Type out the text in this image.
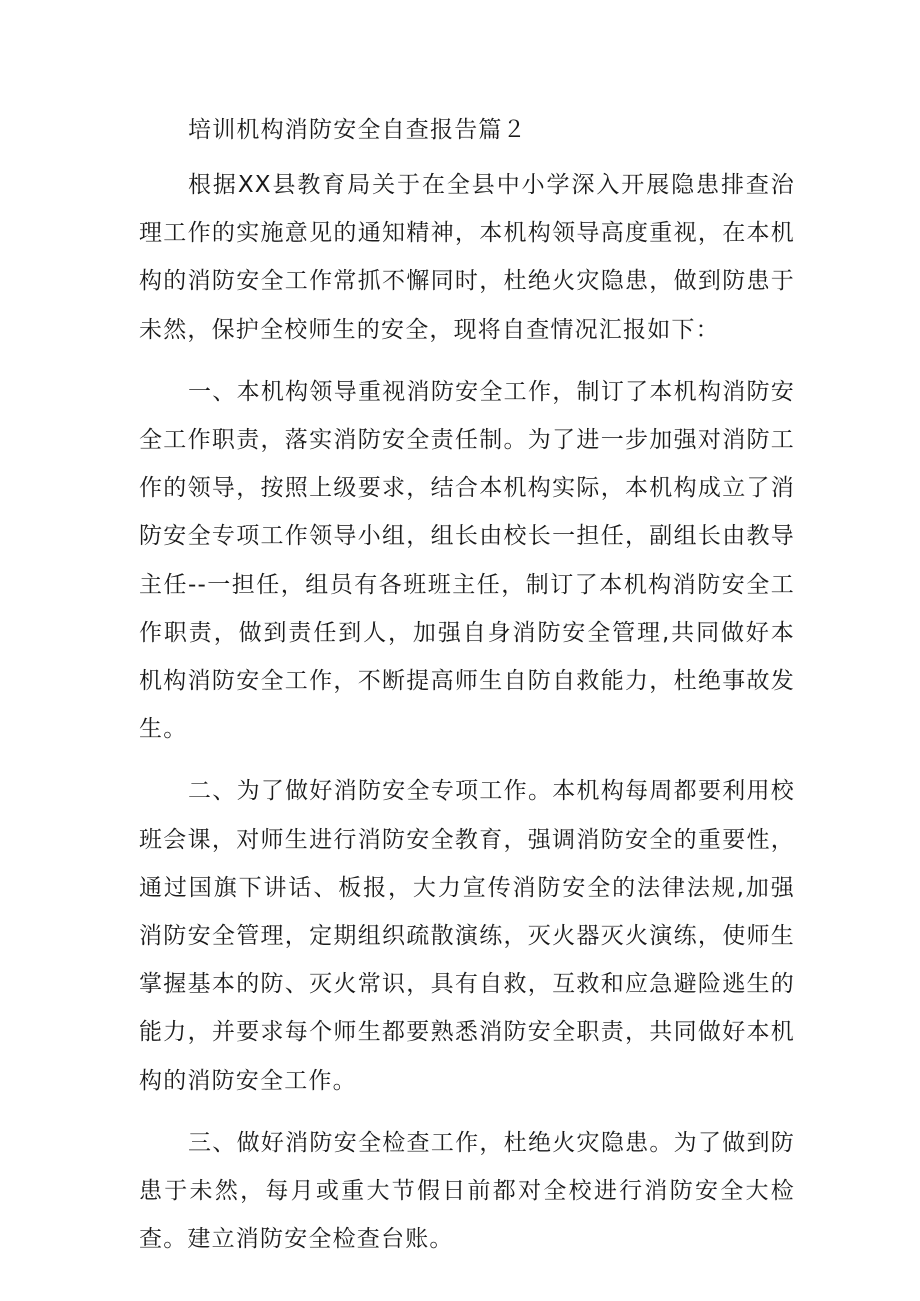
培训机构消防安全自查报告篇２

根据XX县教育局关于在全县中小学深入开展隐患排查治理工作的实施意见的通知精神，本机构领导高度重视，在本机构的消防安全工作常抓不懈同时，杜绝火灾隐患，做到防患于未然，保护全校师生的安全，现将自查情况汇报如下：

一、本机构领导重视消防安全工作，制订了本机构消防安全工作职责，落实消防安全责任制。为了进一步加强对消防工作的领导，按照上级要求，结合本机构实际，本机构成立了消防安全专项工作领导小组，组长由校长一担任，副组长由教导主任--一担任，组员有各班班主任，制订了本机构消防安全工作职责，做到责任到人，加强自身消防安全管理,共同做好本机构消防安全工作，不断提高师生自防自救能力，杜绝事故发生。

二、为了做好消防安全专项工作。本机构每周都要利用校班会课，对师生进行消防安全教育，强调消防安全的重要性，通过国旗下讲话、板报，大力宣传消防安全的法律法规,加强消防安全管理，定期组织疏散演练，灭火器灭火演练，使师生掌握基本的防、灭火常识，具有自救，互救和应急避险逃生的能力，并要求每个师生都要熟悉消防安全职责，共同做好本机构的消防安全工作。

三、做好消防安全检查工作，杜绝火灾隐患。为了做到防患于未然，每月或重大节假日前都对全校进行消防安全大检查。建立消防安全检查台账。
